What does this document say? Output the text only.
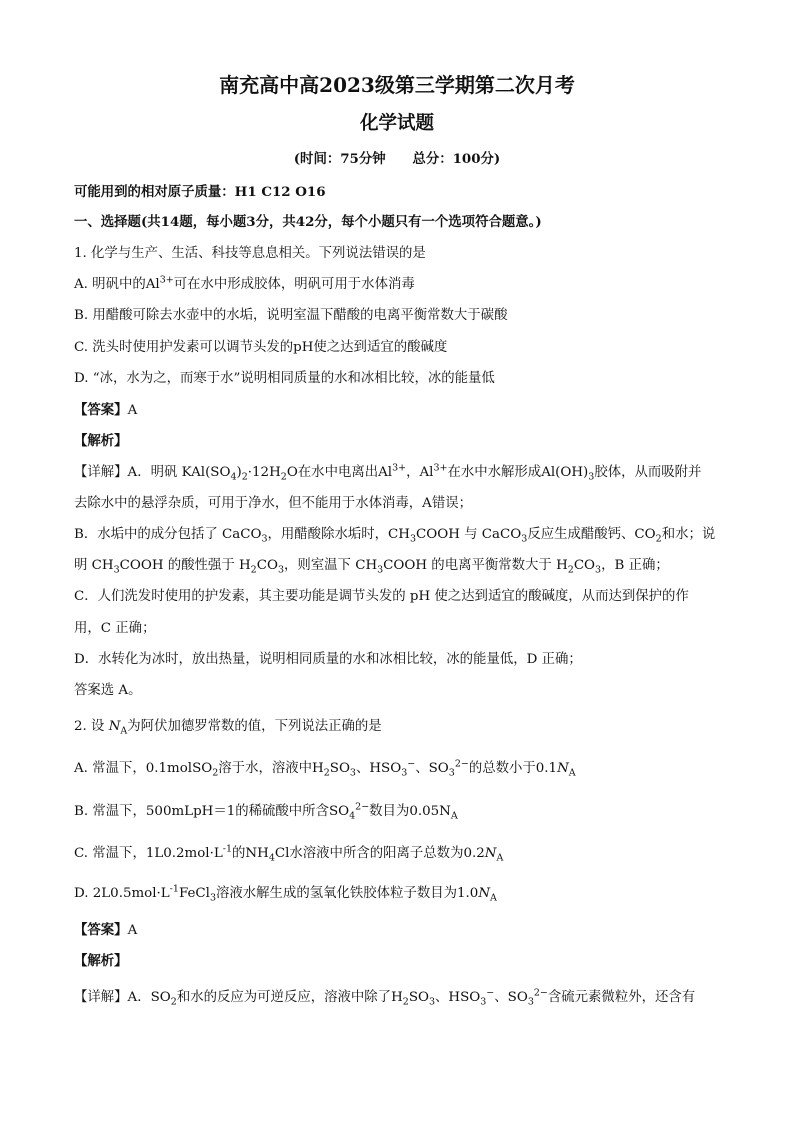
南充高中高2023级第三学期第二次月考
化学试题
(时间：75分钟　　总分：100分)
可能用到的相对原子质量：H1 C12 O16
一、选择题(共14题，每小题3分，共42分，每个小题只有一个选项符合题意。)
1. 化学与生产、生活、科技等息息相关。下列说法错误的是
A. 明矾中的$Al^{3+}$可在水中形成胶体，明矾可用于水体消毒
B. 用醋酸可除去水壶中的水垢，说明室温下醋酸的电离平衡常数大于碳酸
C. 洗头时使用护发素可以调节头发的pH使之达到适宜的酸碱度
D. “冰，水为之，而寒于水”说明相同质量的水和冰相比较，冰的能量低
【答案】A
【解析】
【详解】A．明矾 $KAl(SO_4)_2\cdot 12H_2O$在水中电离出$Al^{3+}$，$Al^{3+}$在水中水解形成$Al(OH)_3$胶体，从而吸附并
去除水中的悬浮杂质，可用于净水，但不能用于水体消毒，A错误；
B．水垢中的成分包括了 CaCO$_3$，用醋酸除水垢时，$CH_3COOH$ 与 CaCO$_3$反应生成醋酸钙、$CO_2$和水；说
明 $CH_3COOH$ 的酸性强于 $H_2CO_3$，则室温下 $CH_3COOH$ 的电离平衡常数大于 $H_2CO_3$，B 正确；
C．人们洗发时使用的护发素，其主要功能是调节头发的 pH 使之达到适宜的酸碱度，从而达到保护的作
用，C 正确；
D．水转化为冰时，放出热量，说明相同质量的水和冰相比较，冰的能量低，D 正确；
答案选 A。
2. 设 $N_A$为阿伏加德罗常数的值，下列说法正确的是
A. 常温下，0.1molSO$_2$溶于水，溶液中$H_2SO_3$、$HSO_3^-$、$SO_3^{2-}$的总数小于$0.1N_A$
B. 常温下，500mLpH＝1的稀硫酸中所含$SO_4^{2-}$数目为$0.05N_A$
C. 常温下，$1L0.2mol\cdot L^{-1}$的$NH_4Cl$水溶液中所含的阳离子总数为$0.2N_A$
D. $2L0.5mol\cdot L^{-1}FeCl_3$溶液水解生成的氢氧化铁胶体粒子数目为$1.0N_A$
【答案】A
【解析】
【详解】A．$SO_2$和水的反应为可逆反应，溶液中除了$H_2SO_3$、$HSO_3^-$、$SO_3^{2-}$含硫元素微粒外，还含有
